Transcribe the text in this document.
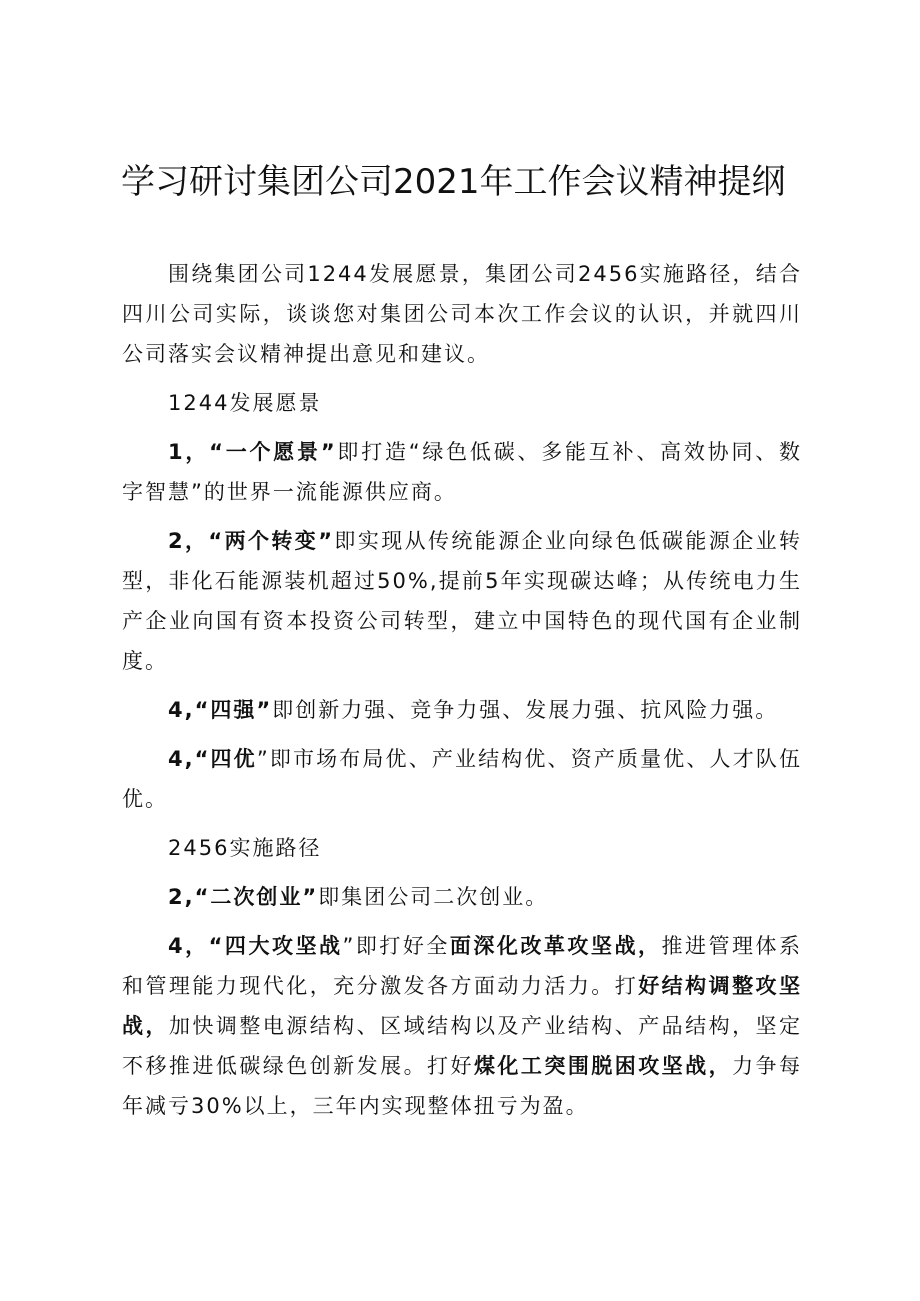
学习研讨集团公司2021年工作会议精神提纲

围绕集团公司1244发展愿景，集团公司2456实施路径，结合四川公司实际，谈谈您对集团公司本次工作会议的认识，并就四川公司落实会议精神提出意见和建议。

1244发展愿景

1，“一个愿景”即打造“绿色低碳、多能互补、高效协同、数字智慧”的世界一流能源供应商。

2，“两个转变”即实现从传统能源企业向绿色低碳能源企业转型，非化石能源装机超过50%,提前5年实现碳达峰；从传统电力生产企业向国有资本投资公司转型，建立中国特色的现代国有企业制度。

4,“四强”即创新力强、竞争力强、发展力强、抗风险力强。

4,“四优”即市场布局优、产业结构优、资产质量优、人才队伍优。

2456实施路径

2,“二次创业”即集团公司二次创业。

4，“四大攻坚战”即打好全面深化改革攻坚战，推进管理体系和管理能力现代化，充分激发各方面动力活力。打好结构调整攻坚战，加快调整电源结构、区域结构以及产业结构、产品结构，坚定不移推进低碳绿色创新发展。打好煤化工突围脱困攻坚战，力争每年减亏30%以上，三年内实现整体扭亏为盈。
